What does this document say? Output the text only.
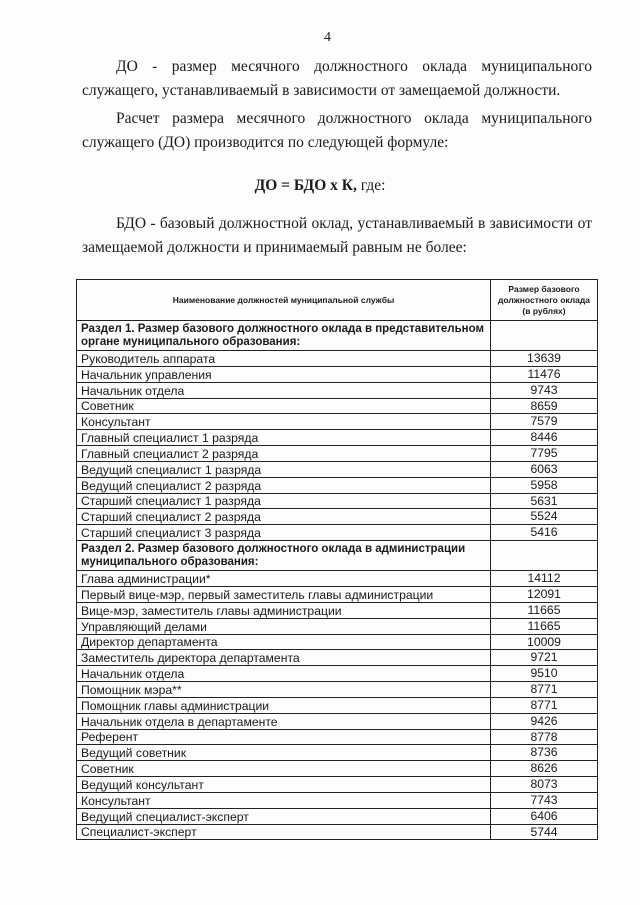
4
ДО - размер месячного должностного оклада муниципального служащего, устанавливаемый в зависимости от замещаемой должности.
Расчет размера месячного должностного оклада муниципального служащего (ДО) производится по следующей формуле:
ДО = БДО х К, где:
БДО - базовый должностной оклад, устанавливаемый в зависимости от замещаемой должности и принимаемый равным не более:
Наименование должностей муниципальной службы	Размер базового должностного оклада (в рублях)
Раздел 1. Размер базового должностного оклада в представительном органе муниципального образования:	
Руководитель аппарата	13639
Начальник управления	11476
Начальник отдела	9743
Советник	8659
Консультант	7579
Главный специалист 1 разряда	8446
Главный специалист 2 разряда	7795
Ведущий специалист 1 разряда	6063
Ведущий специалист 2 разряда	5958
Старший специалист 1 разряда	5631
Старший специалист 2 разряда	5524
Старший специалист 3 разряда	5416
Раздел 2. Размер базового должностного оклада в администрации муниципального образования:	
Глава администрации*	14112
Первый вице-мэр, первый заместитель главы администрации	12091
Вице-мэр, заместитель главы администрации	11665
Управляющий делами	11665
Директор департамента	10009
Заместитель директора департамента	9721
Начальник отдела	9510
Помощник мэра**	8771
Помощник главы администрации	8771
Начальник отдела в департаменте	9426
Референт	8778
Ведущий советник	8736
Советник	8626
Ведущий консультант	8073
Консультант	7743
Ведущий специалист-эксперт	6406
Специалист-эксперт	5744
